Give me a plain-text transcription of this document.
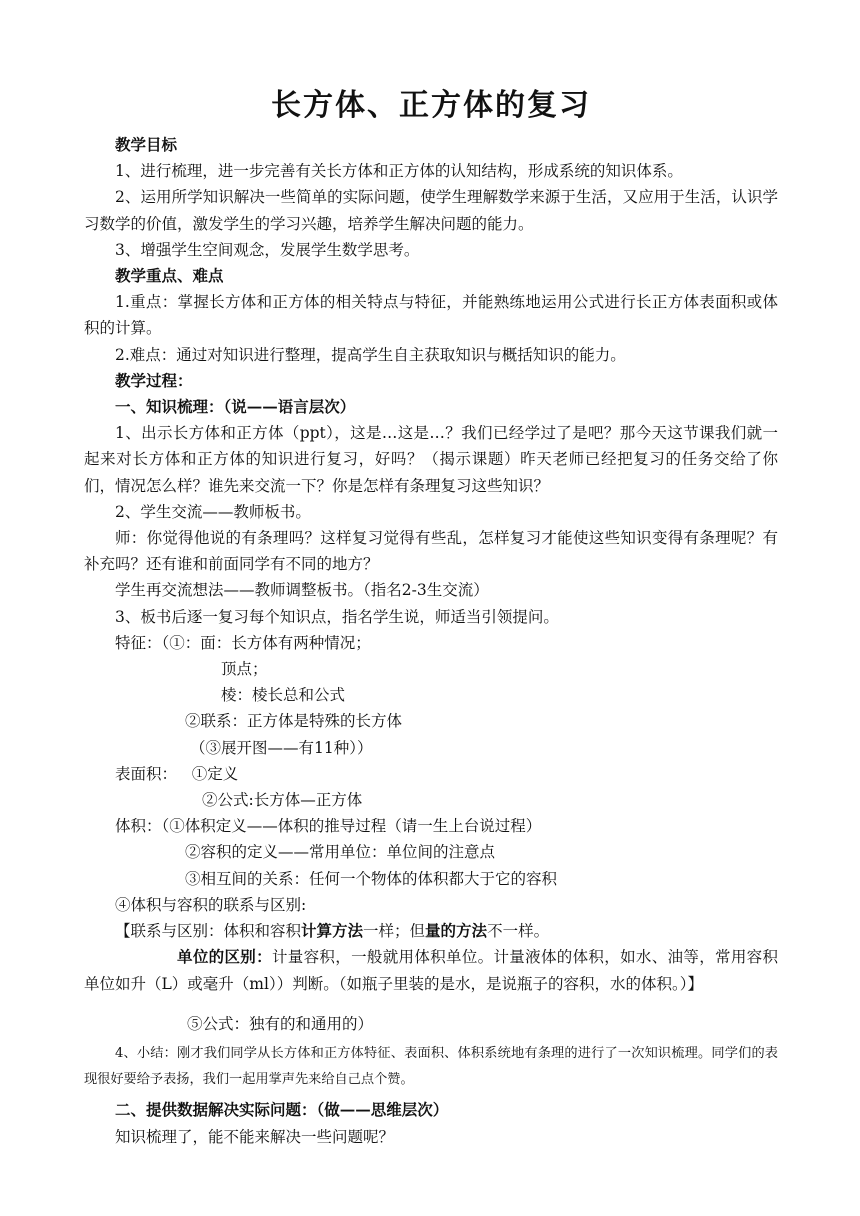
长方体、正方体的复习

教学目标

1、进行梳理，进一步完善有关长方体和正方体的认知结构，形成系统的知识体系。

2、运用所学知识解决一些简单的实际问题，使学生理解数学来源于生活，又应用于生活，认识学习数学的价值，激发学生的学习兴趣，培养学生解决问题的能力。

3、增强学生空间观念，发展学生数学思考。

教学重点、难点

1.重点：掌握长方体和正方体的相关特点与特征，并能熟练地运用公式进行长正方体表面积或体积的计算。

2.难点：通过对知识进行整理，提高学生自主获取知识与概括知识的能力。

教学过程：

一、知识梳理：（说——语言层次）

1、出示长方体和正方体（ppt），这是…这是…？我们已经学过了是吧？那今天这节课我们就一起来对长方体和正方体的知识进行复习，好吗？（揭示课题）昨天老师已经把复习的任务交给了你们，情况怎么样？谁先来交流一下？你是怎样有条理复习这些知识？

2、学生交流——教师板书。

师：你觉得他说的有条理吗？这样复习觉得有些乱，怎样复习才能使这些知识变得有条理呢？有补充吗？还有谁和前面同学有不同的地方？

学生再交流想法——教师调整板书。（指名2-3生交流）

3、板书后逐一复习每个知识点，指名学生说，师适当引领提问。

特征：（①：面：长方体有两种情况；

顶点；

棱：棱长总和公式

②联系：正方体是特殊的长方体

（③展开图——有11种））

表面积：   ①定义

②公式:长方体—正方体

体积：（①体积定义——体积的推导过程（请一生上台说过程）

②容积的定义——常用单位：单位间的注意点

③相互间的关系：任何一个物体的体积都大于它的容积

④体积与容积的联系与区别:

【联系与区别：体积和容积计算方法一样；但量的方法不一样。

单位的区别：计量容积，一般就用体积单位。计量液体的体积，如水、油等，常用容积单位如升（L）或毫升（ml））判断。（如瓶子里装的是水，是说瓶子的容积，水的体积。）】

⑤公式：独有的和通用的）

4、小结：刚才我们同学从长方体和正方体特征、表面积、体积系统地有条理的进行了一次知识梳理。同学们的表现很好要给予表扬，我们一起用掌声先来给自己点个赞。

二、提供数据解决实际问题：（做——思维层次）

知识梳理了，能不能来解决一些问题呢？
